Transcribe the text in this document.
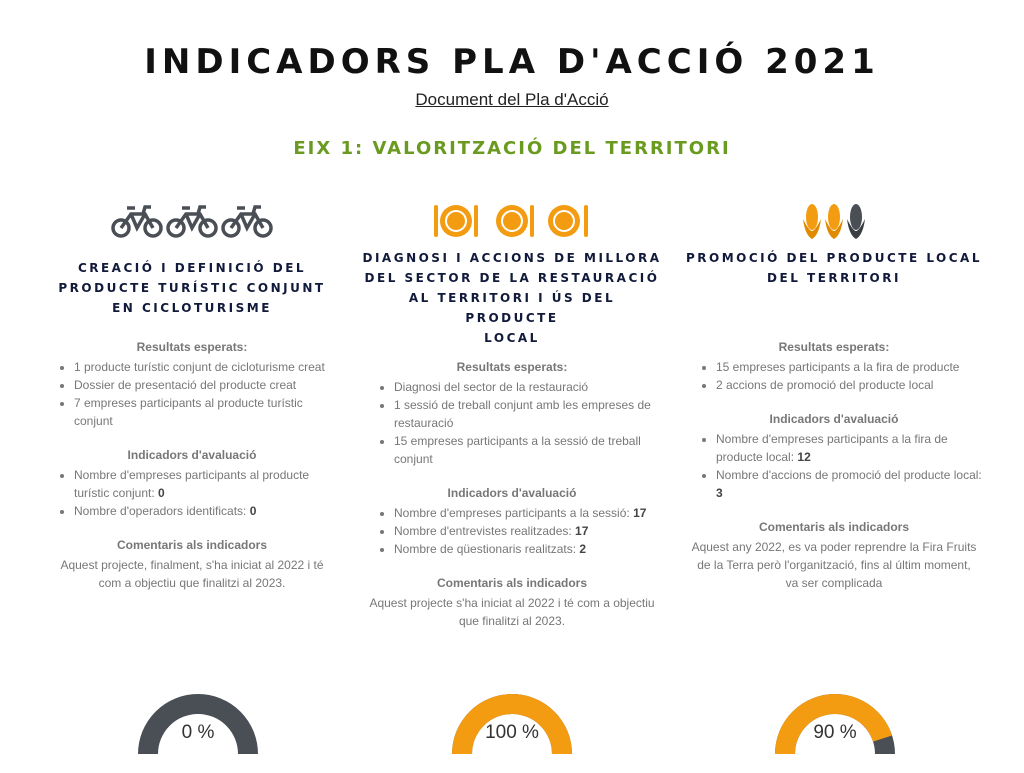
INDICADORS PLA D'ACCIÓ 2021
Document del Pla d'Acció
EIX 1: VALORITZACIÓ DEL TERRITORI
CREACIÓ I DEFINICIÓ DEL
PRODUCTE TURÍSTIC CONJUNT
EN CICLOTURISME
Resultats esperats:
• 1 producte turístic conjunt de cicloturisme creat
• Dossier de presentació del producte creat
• 7 empreses participants al producte turístic conjunt
Indicadors d'avaluació
• Nombre d'empreses participants al producte turístic conjunt: 0
• Nombre d'operadors identificats: 0
Comentaris als indicadors
Aquest projecte, finalment, s'ha iniciat al 2022 i té com a objectiu que finalitzi al 2023.
DIAGNOSI I ACCIONS DE MILLORA
DEL SECTOR DE LA RESTAURACIÓ
AL TERRITORI I ÚS DEL PRODUCTE
LOCAL
Resultats esperats:
• Diagnosi del sector de la restauració
• 1 sessió de treball conjunt amb les empreses de restauració
• 15 empreses participants a la sessió de treball conjunt
Indicadors d'avaluació
• Nombre d'empreses participants a la sessió: 17
• Nombre d'entrevistes realitzades: 17
• Nombre de qüestionaris realitzats: 2
Comentaris als indicadors
Aquest projecte s'ha iniciat al 2022 i té com a objectiu que finalitzi al 2023.
PROMOCIÓ DEL PRODUCTE LOCAL
DEL TERRITORI
Resultats esperats:
• 15 empreses participants a la fira de producte
• 2 accions de promoció del producte local
Indicadors d'avaluació
• Nombre d'empreses participants a la fira de producte local: 12
• Nombre d'accions de promoció del producte local: 3
Comentaris als indicadors
Aquest any 2022, es va poder reprendre la Fira Fruits de la Terra però l'organització, fins al últim moment, va ser complicada
0 %	100 %	90 %
